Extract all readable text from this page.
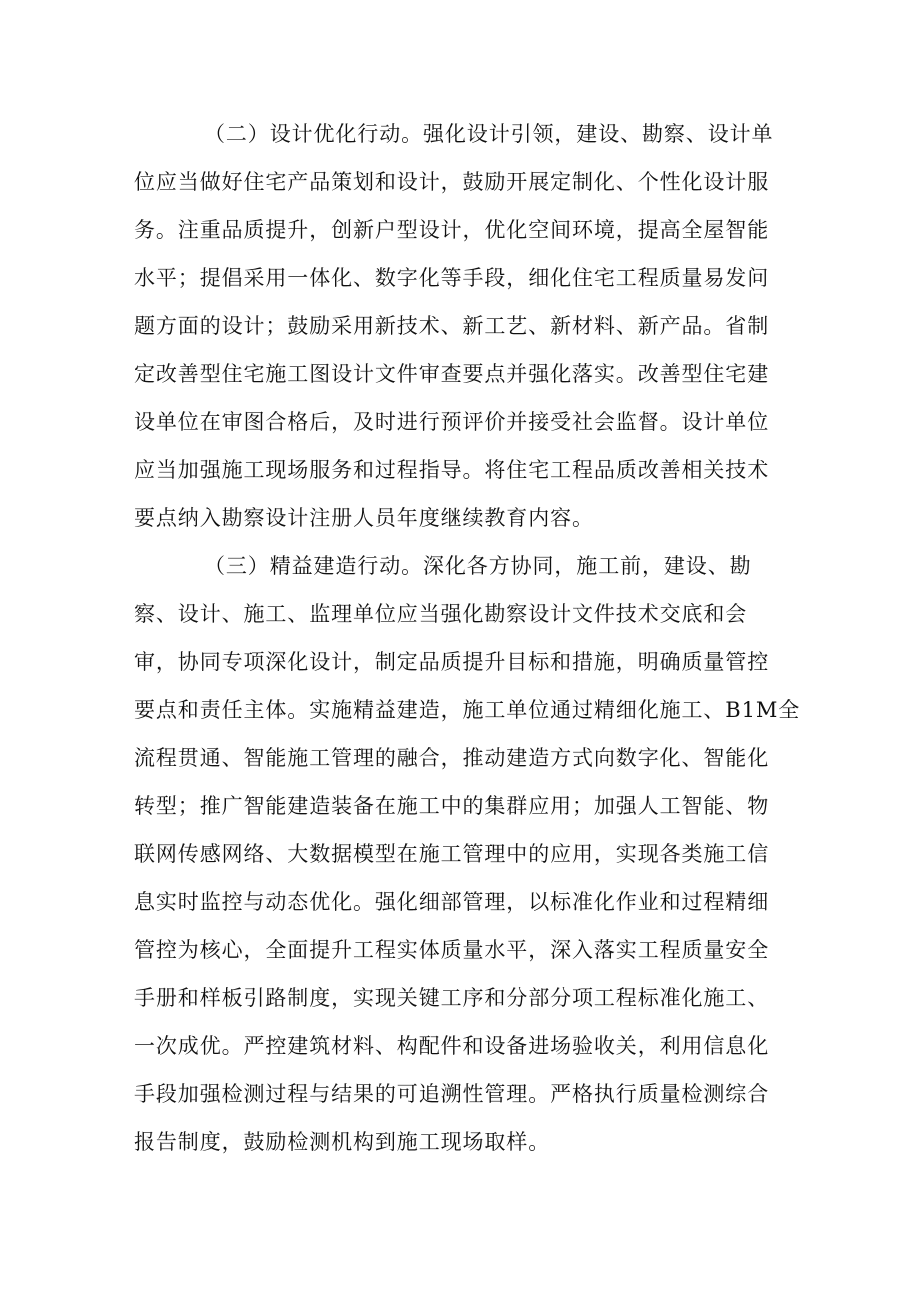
（二）设计优化行动。强化设计引领，建设、勘察、设计单
位应当做好住宅产品策划和设计，鼓励开展定制化、个性化设计服
务。注重品质提升，创新户型设计，优化空间环境，提高全屋智能
水平；提倡采用一体化、数字化等手段，细化住宅工程质量易发问
题方面的设计；鼓励采用新技术、新工艺、新材料、新产品。省制
定改善型住宅施工图设计文件审查要点并强化落实。改善型住宅建
设单位在审图合格后，及时进行预评价并接受社会监督。设计单位
应当加强施工现场服务和过程指导。将住宅工程品质改善相关技术
要点纳入勘察设计注册人员年度继续教育内容。
（三）精益建造行动。深化各方协同，施工前，建设、勘
察、设计、施工、监理单位应当强化勘察设计文件技术交底和会
审，协同专项深化设计，制定品质提升目标和措施，明确质量管控
要点和责任主体。实施精益建造，施工单位通过精细化施工、B1M全
流程贯通、智能施工管理的融合，推动建造方式向数字化、智能化
转型；推广智能建造装备在施工中的集群应用；加强人工智能、物
联网传感网络、大数据模型在施工管理中的应用，实现各类施工信
息实时监控与动态优化。强化细部管理，以标准化作业和过程精细
管控为核心，全面提升工程实体质量水平，深入落实工程质量安全
手册和样板引路制度，实现关键工序和分部分项工程标准化施工、
一次成优。严控建筑材料、构配件和设备进场验收关，利用信息化
手段加强检测过程与结果的可追溯性管理。严格执行质量检测综合
报告制度，鼓励检测机构到施工现场取样。
